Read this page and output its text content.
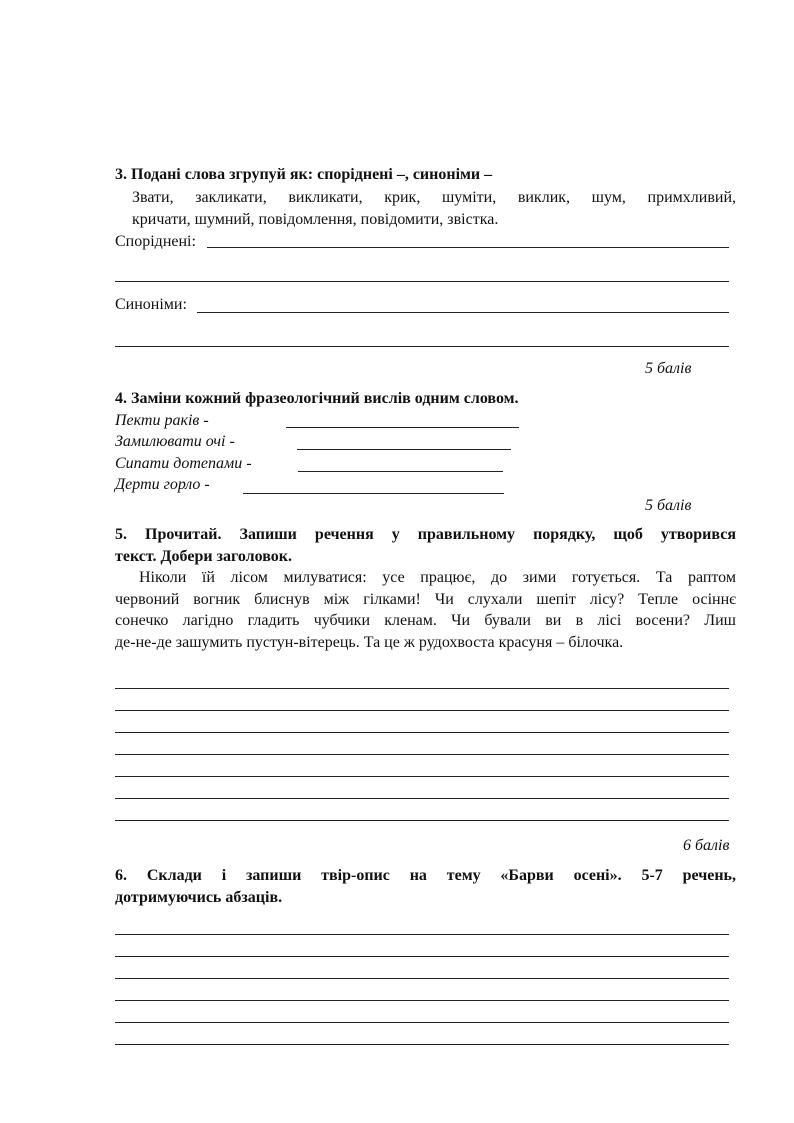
3. Подані слова згрупуй як: споріднені –, синоніми –
Звати, закликати, викликати, крик, шуміти, виклик, шум, примхливий,
кричати, шумний, повідомлення, повідомити, звістка.
Споріднені:
Синоніми:
5 балів
4. Заміни кожний фразеологічний вислів одним словом.
Пекти раків -
Замилювати очі -
Сипати дотепами -
Дерти горло -
5 балів
5. Прочитай. Запиши речення у правильному порядку, щоб утворився
текст. Добери заголовок.
Ніколи їй лісом милуватися: усе працює, до зими готується. Та раптом
червоний вогник блиснув між гілками! Чи слухали шепіт лісу? Тепле осіннє
сонечко лагідно гладить чубчики кленам. Чи бували ви в лісі восени? Лиш
де-не-де зашумить пустун-вітерець. Та це ж рудохвоста красуня – білочка.
6 балів
6. Склади і запиши твір-опис на тему «Барви осені». 5-7 речень,
дотримуючись абзаців.
